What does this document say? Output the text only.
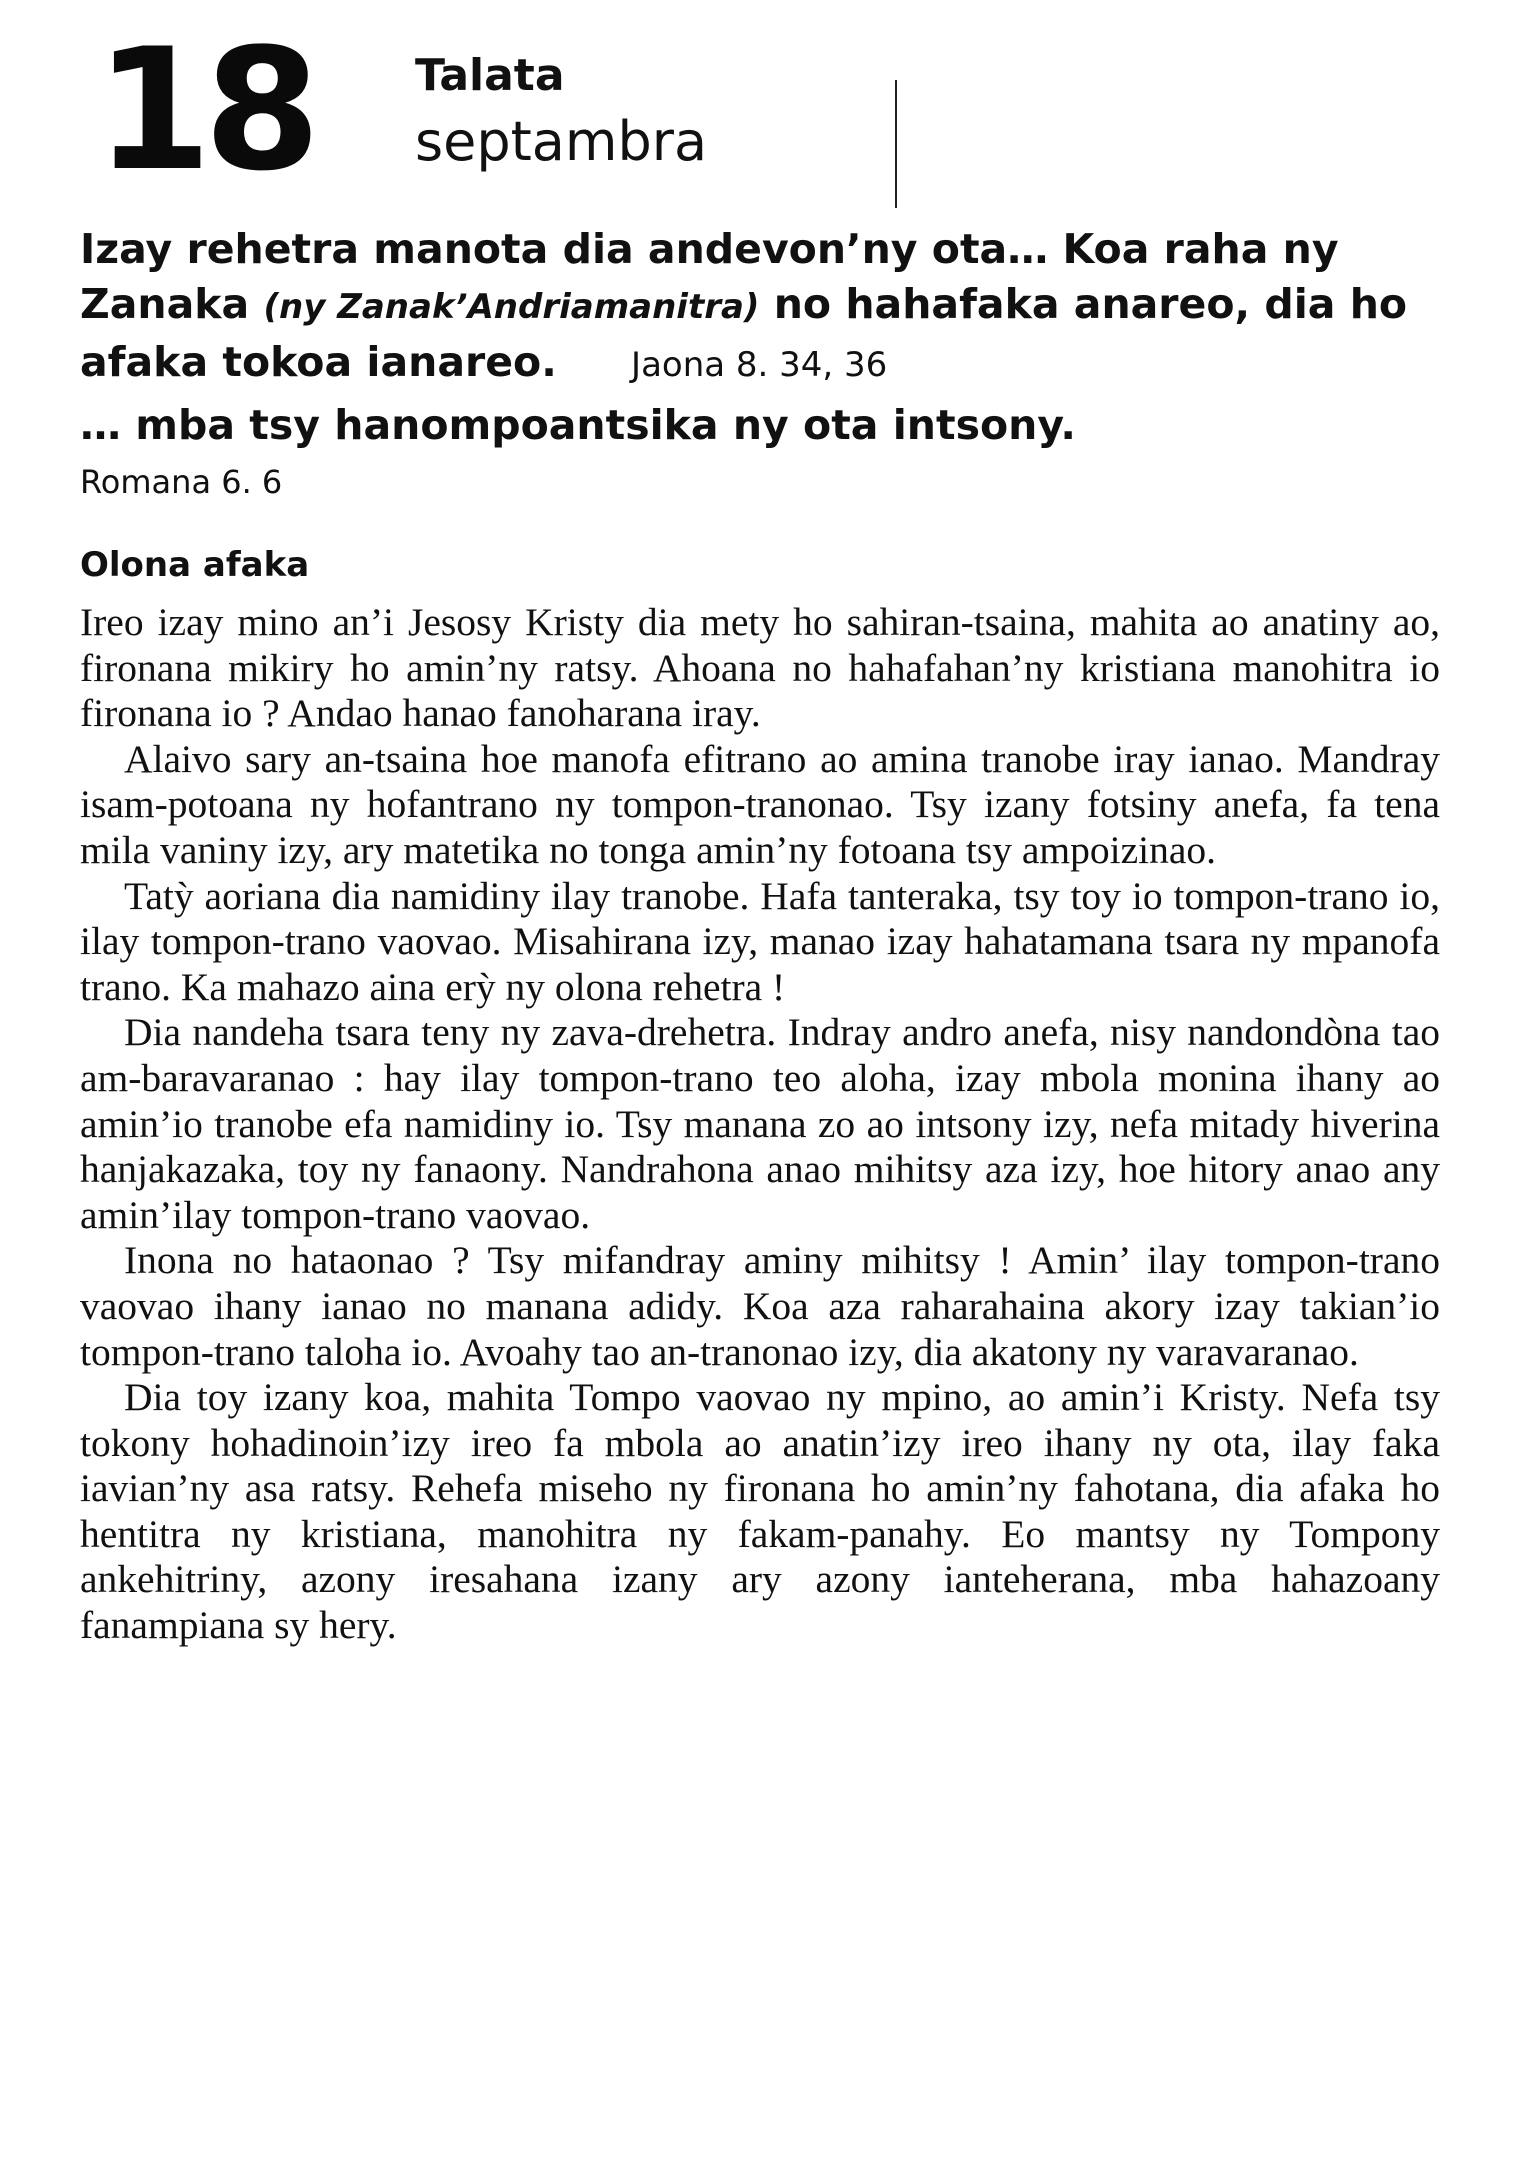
18 Talata
septambra
Izay rehetra manota dia andevon’ny ota… Koa raha ny Zanaka (ny Zanak’Andriamanitra) no hahafaka anareo, dia ho afaka tokoa ianareo. Jaona 8. 34, 36
… mba tsy hanompoantsika ny ota intsony.
Romana 6. 6
Olona afaka

Ireo izay mino an’i Jesosy Kristy dia mety ho sahiran-tsaina, mahita ao anatiny ao, fironana mikiry ho amin’ny ratsy. Ahoana no hahafahan’ny kristiana manohitra io fironana io ? Andao hanao fanoharana iray.

Alaivo sary an-tsaina hoe manofa efitrano ao amina tranobe iray ianao. Mandray isam-potoana ny hofantrano ny tompon-tranonao. Tsy izany fotsiny anefa, fa tena mila vaniny izy, ary matetika no tonga amin’ny fotoana tsy ampoizinao.

Tatỳ aoriana dia namidiny ilay tranobe. Hafa tanteraka, tsy toy io tompon-trano io, ilay tompon-trano vaovao. Misahirana izy, manao izay hahatamana tsara ny mpanofa trano. Ka mahazo aina erỳ ny olona rehetra !

Dia nandeha tsara teny ny zava-drehetra. Indray andro anefa, nisy nandondòna tao am-baravaranao : hay ilay tompon-trano teo aloha, izay mbola monina ihany ao amin’io tranobe efa namidiny io. Tsy manana zo ao intsony izy, nefa mitady hiverina hanjakazaka, toy ny fanaony. Nandrahona anao mihitsy aza izy, hoe hitory anao any amin’ilay tompon-trano vaovao.

Inona no hataonao ? Tsy mifandray aminy mihitsy ! Amin’ ilay tompon-trano vaovao ihany ianao no manana adidy. Koa aza raharahaina akory izay takian’io tompon-trano taloha io. Avoahy tao an-tranonao izy, dia akatony ny varavaranao.

Dia toy izany koa, mahita Tompo vaovao ny mpino, ao amin’i Kristy. Nefa tsy tokony hohadinoin’izy ireo fa mbola ao anatin’izy ireo ihany ny ota, ilay faka iavian’ny asa ratsy. Rehefa miseho ny fironana ho amin’ny fahotana, dia afaka ho hentitra ny kristiana, manohitra ny fakam-panahy. Eo mantsy ny Tompony ankehitriny, azony iresahana izany ary azony ianteherana, mba hahazoany fanampiana sy hery.
